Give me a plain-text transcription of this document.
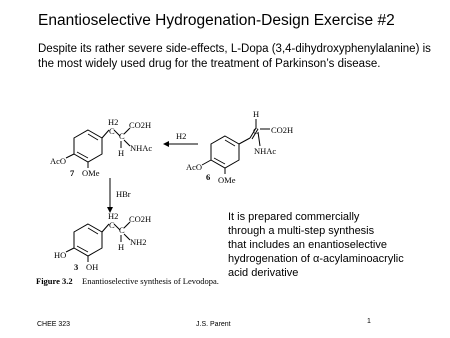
Enantioselective Hydrogenation-Design Exercise #2
Despite its rather severe side-effects, L-Dopa (3,4-dihydroxyphenylalanine) is the most widely used drug for the treatment of Parkinson’s disease.
AcO
OMe
H
C CO2H
NHAc
6
H2
H2
C C
CO2H
NHAc
H
AcO
OMe
7
HBr
H2
C C
CO2H
NH2
H
HO
OH
3
Figure 3.2 Enantioselective synthesis of Levodopa.
It is prepared commercially
through a multi-step synthesis
that includes an enantioselective
hydrogenation of α-acylaminoacrylic
acid derivative
CHEE 323	J.S. Parent	1
